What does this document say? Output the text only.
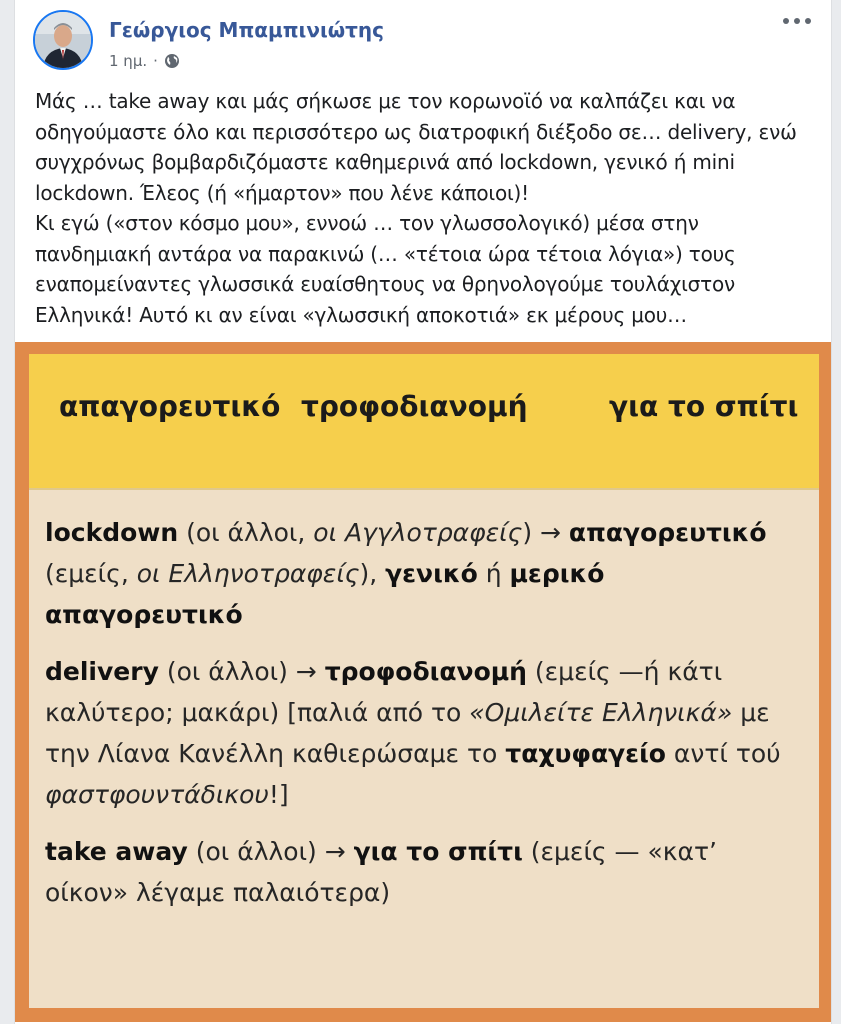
Γεώργιος Μπαμπινιώτης
1 ημ. ·

Μάς … take away και μάς σήκωσε με τον κορωνοϊό να καλπάζει και να

οδηγούμαστε όλο και περισσότερο ως διατροφική διέξοδο σε… delivery, ενώ

συγχρόνως βομβαρδιζόμαστε καθημερινά από lockdown, γενικό ή mini

lockdown. Έλεος (ή «ήμαρτον» που λένε κάποιοι)!

Κι εγώ («στον κόσμο μου», εννοώ … τον γλωσσολογικό) μέσα στην

πανδημιακή αντάρα να παρακινώ (… «τέτοια ώρα τέτοια λόγια») τους

εναπομείναντες γλωσσικά ευαίσθητους να θρηνολογούμε τουλάχιστον

Ελληνικά! Αυτό κι αν είναι «γλωσσική αποκοτιά» εκ μέρους μου…

απαγορευτικό τροφοδιανομή	για το σπίτι

lockdown (οι άλλοι, οι Αγγλοτραφείς) → απαγορευτικό
(εμείς, οι Ελληνοτραφείς), γενικό ή μερικό απαγορευτικό

delivery (οι άλλοι) → τροφοδιανομή (εμείς —ή κάτι καλύτερο; μακάρι) [παλιά από το «Ομιλείτε Ελληνικά» με την Λίανα Κανέλλη καθιερώσαμε το ταχυφαγείο αντί τού φαστφουντάδικου!]

take away (οι άλλοι) → για το σπίτι (εμείς — «κατ’ οίκον» λέγαμε παλαιότερα)
